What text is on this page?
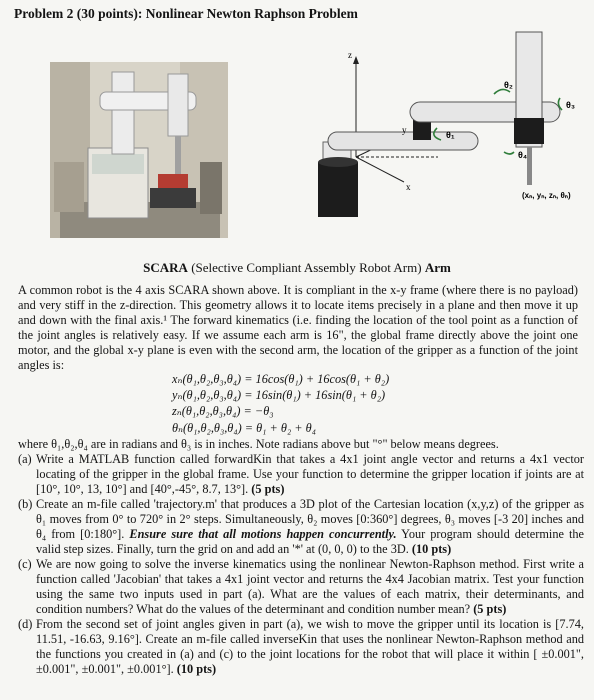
Problem 2 (30 points): Nonlinear Newton Raphson Problem
z
y
x
θ₁
θ₂
θ₃
θ₄
(xₙ, yₙ, zₙ, θₙ)
SCARA (Selective Compliant Assembly Robot Arm) Arm
A common robot is the 4 axis SCARA shown above. It is compliant in the x-y frame (where there is no payload) and very stiff in the z-direction. This geometry allows it to locate items precisely in a plane and then move it up and down with the final axis.¹ The forward kinematics (i.e. finding the location of the tool point as a function of the joint angles is relatively easy. If we assume each arm is 16", the global frame directly above the joint one motor, and the global x-y plane is even with the second arm, the location of the gripper as a function of the joint angles is:
xₙ(θ₁,θ₂,θ₃,θ₄) = 16cos(θ₁) + 16cos(θ₁ + θ₂)
yₙ(θ₁,θ₂,θ₃,θ₄) = 16sin(θ₁) + 16sin(θ₁ + θ₂)
zₙ(θ₁,θ₂,θ₃,θ₄) = −θ₃
θₙ(θ₁,θ₂,θ₃,θ₄) = θ₁ + θ₂ + θ₄
where θ₁,θ₂,θ₄ are in radians and θ₃ is in inches. Note radians above but "°" below means degrees.
(a) Write a MATLAB function called forwardKin that takes a 4x1 joint angle vector and returns a 4x1 vector locating of the gripper in the global frame. Use your function to determine the gripper location if joints are at [10°, 10°, 13, 10°] and [40°,-45°, 8.7, 13°]. (5 pts)
(b) Create an m-file called 'trajectory.m' that produces a 3D plot of the Cartesian location (x,y,z) of the gripper as θ₁ moves from 0° to 720° in 2° steps. Simultaneously, θ₂ moves [0:360°] degrees, θ₃ moves [-3 20] inches and θ₄ from [0:180°]. Ensure sure that all motions happen concurrently. Your program should determine the valid step sizes. Finally, turn the grid on and add an '*' at (0, 0, 0) to the 3D. (10 pts)
(c) We are now going to solve the inverse kinematics using the nonlinear Newton-Raphson method. First write a function called 'Jacobian' that takes a 4x1 joint vector and returns the 4x4 Jacobian matrix. Test your function using the same two inputs used in part (a). What are the values of each matrix, their determinants, and condition numbers? What do the values of the determinant and condition number mean? (5 pts)
(d) From the second set of joint angles given in part (a), we wish to move the gripper until its location is [7.74, 11.51, -16.63, 9.16°]. Create an m-file called inverseKin that uses the nonlinear Newton-Raphson method and the functions you created in (a) and (c) to the joint locations for the robot that will place it within [ ±0.001", ±0.001", ±0.001", ±0.001°]. (10 pts)
